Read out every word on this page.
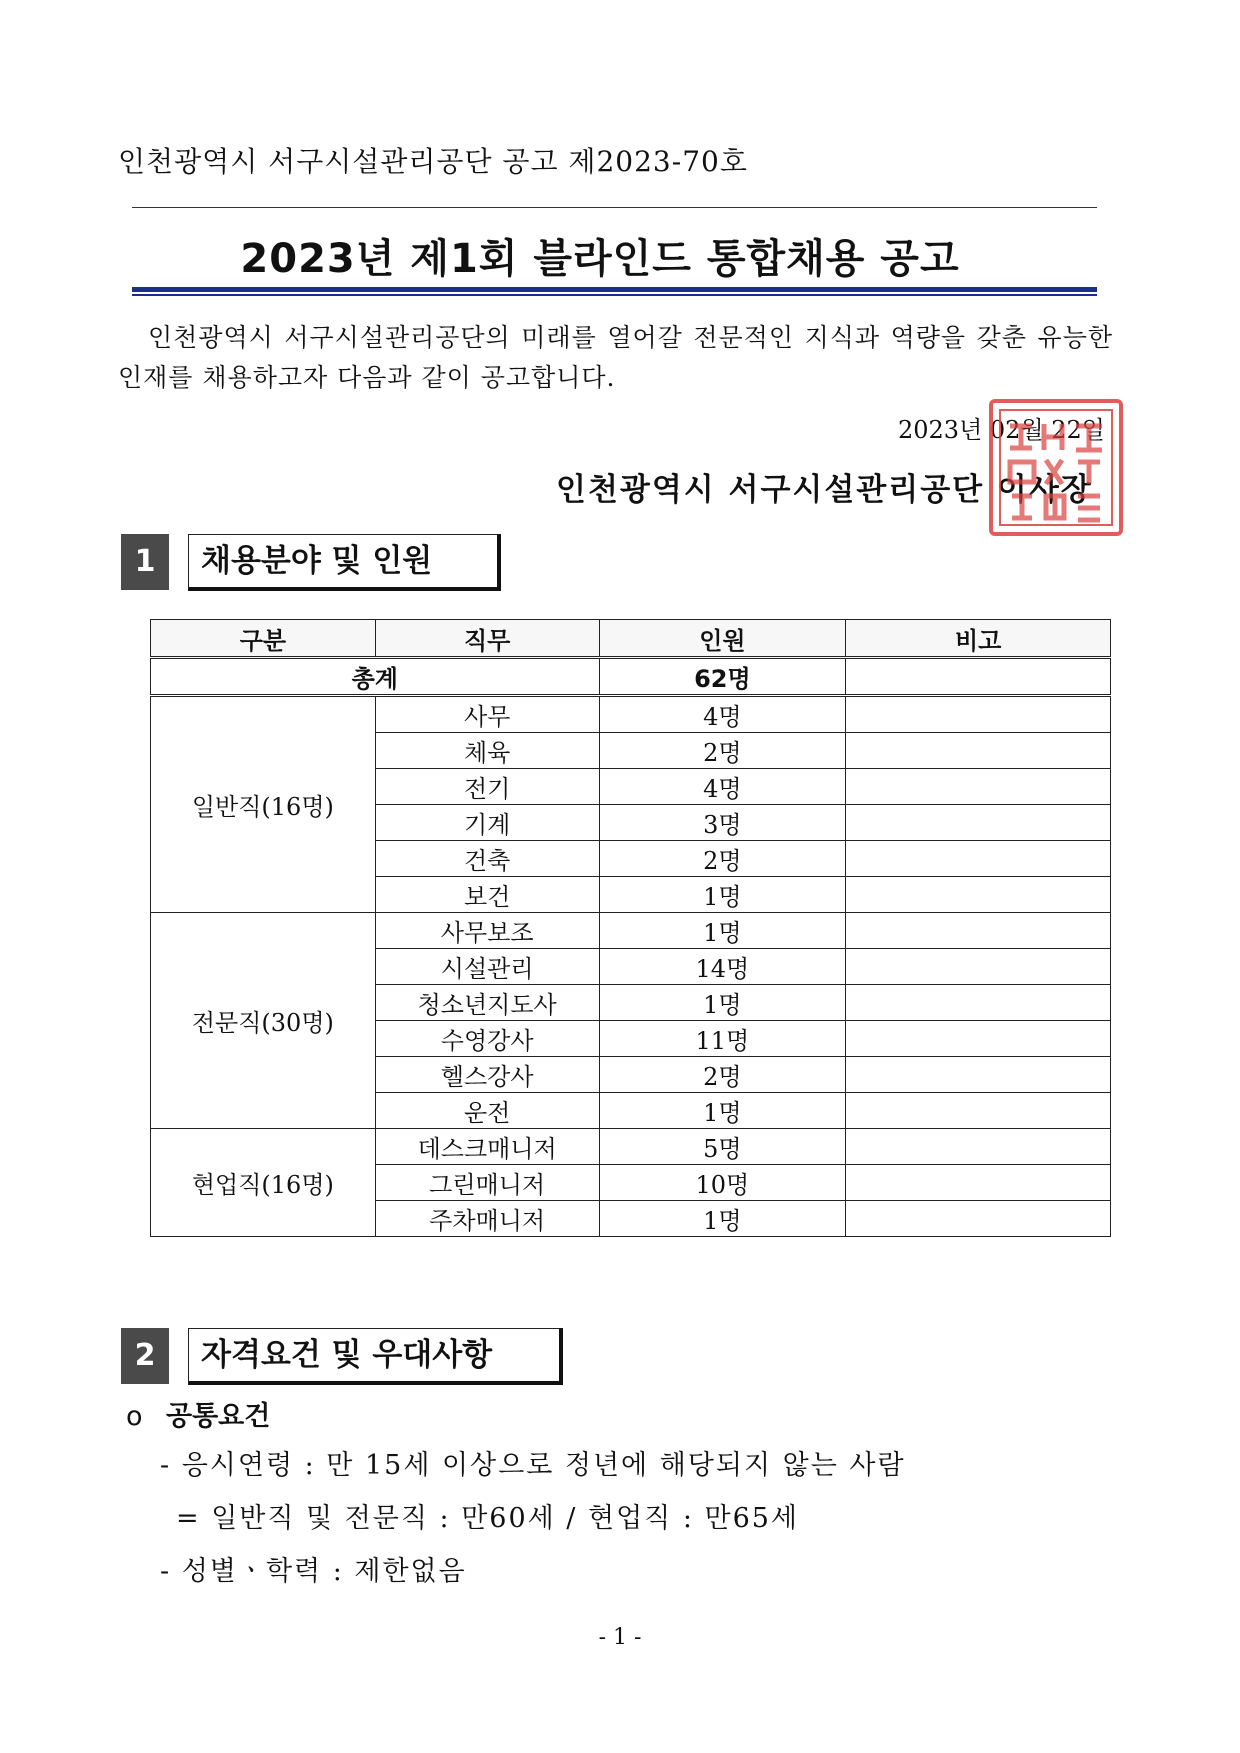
인천광역시 서구시설관리공단 공고 제2023-70호
2023년 제1회 블라인드 통합채용 공고
인천광역시 서구시설관리공단의 미래를 열어갈 전문적인 지식과 역량을 갖춘 유능한 인재를 채용하고자 다음과 같이 공고합니다.
2023년 02월 22일
인천광역시 서구시설관리공단 이사장
1	채용분야 및 인원
구분	직무	인원	비고
총계		62명	
일반직(16명)	사무	4명	
	체육	2명	
	전기	4명	
	기계	3명	
	건축	2명	
	보건	1명	
전문직(30명)	사무보조	1명	
	시설관리	14명	
	청소년지도사	1명	
	수영강사	11명	
	헬스강사	2명	
	운전	1명	
현업직(16명)	데스크매니저	5명	
	그린매니저	10명	
	주차매니저	1명	
2	자격요건 및 우대사항
o 공통요건
- 응시연령 : 만 15세 이상으로 정년에 해당되지 않는 사람
= 일반직 및 전문직 : 만60세 / 현업직 : 만65세
- 성별ㆍ학력 : 제한없음
- 1 -
